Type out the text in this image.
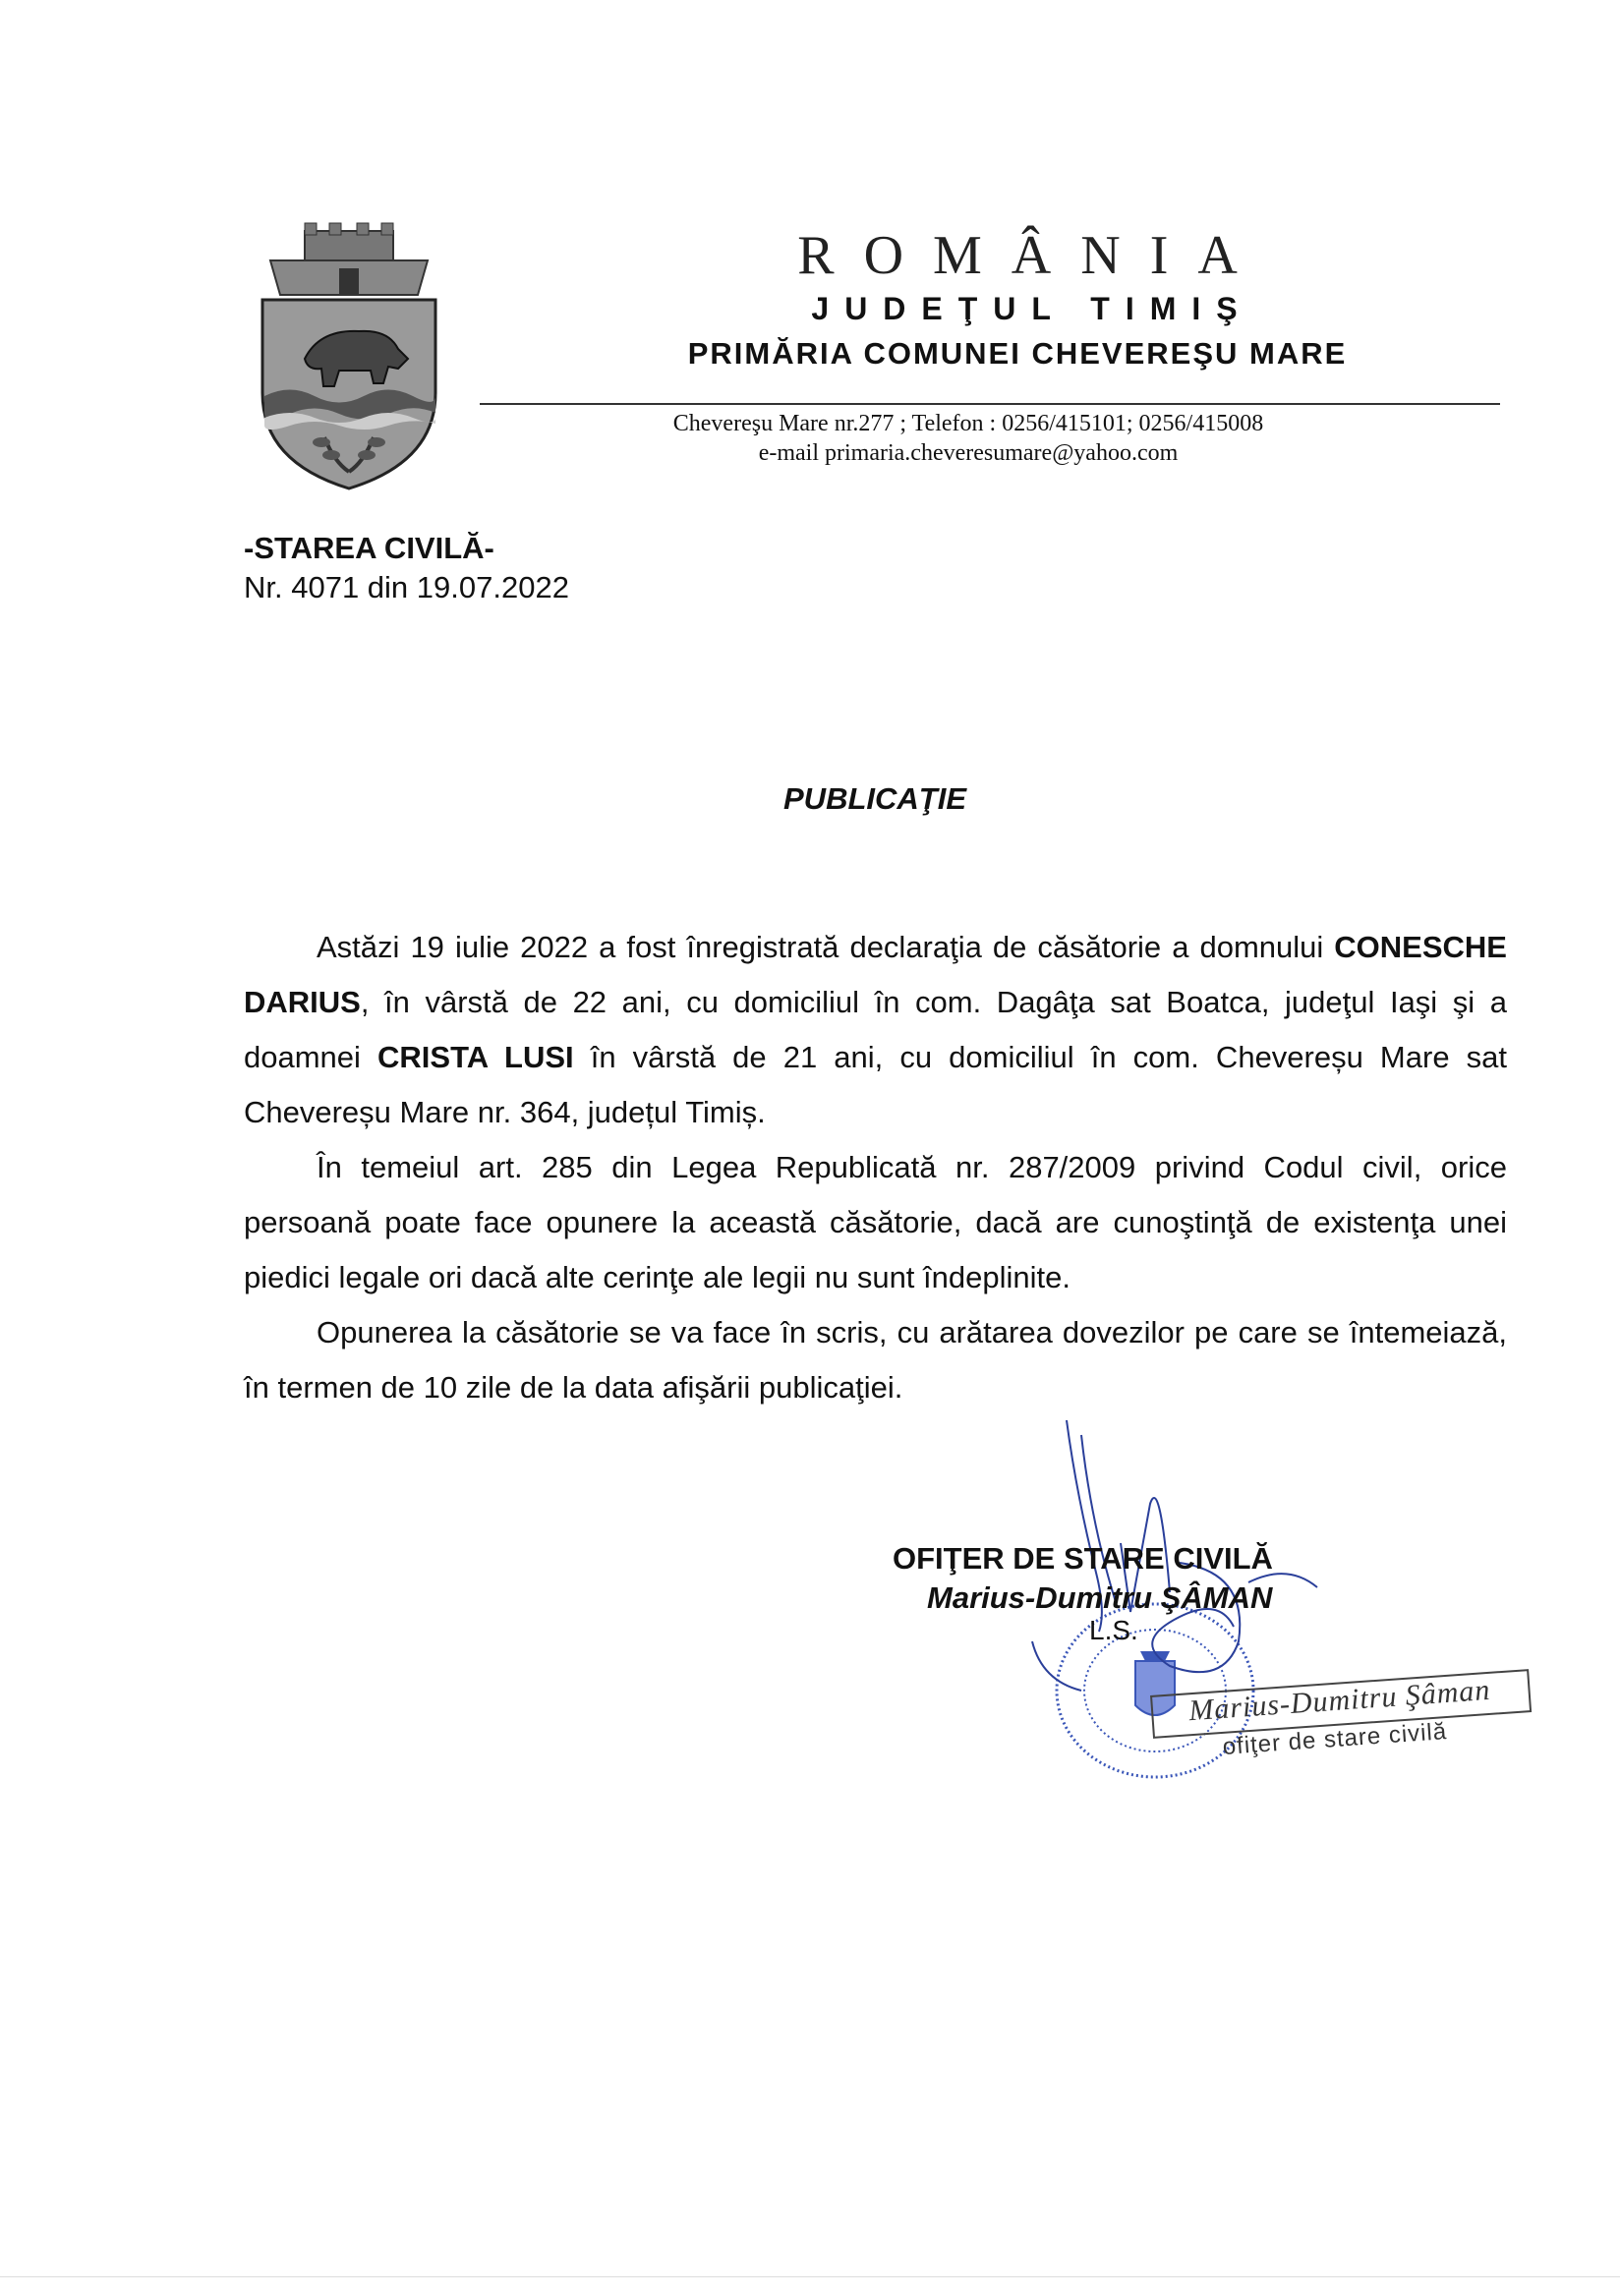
ROMÂNIA
JUDEŢUL TIMIŞ
PRIMĂRIA COMUNEI CHEVEREŞU MARE
Chevereşu Mare nr.277 ; Telefon : 0256/415101; 0256/415008
e-mail primaria.cheveresumare@yahoo.com
-STAREA CIVILĂ-
Nr. 4071 din 19.07.2022
PUBLICAŢIE

Astăzi 19 iulie 2022 a fost înregistrată declaraţia de căsătorie a domnului CONESCHE DARIUS, în vârstă de 22 ani, cu domiciliul în com. Dagâţa sat Boatca, judeţul Iaşi şi a doamnei CRISTA LUSI în vârstă de 21 ani, cu domiciliul în com. Chevereșu Mare sat Chevereșu Mare nr. 364, județul Timiș.

În temeiul art. 285 din Legea Republicată nr. 287/2009 privind Codul civil, orice persoană poate face opunere la această căsătorie, dacă are cunoştinţă de existenţa unei piedici legale ori dacă alte cerinţe ale legii nu sunt îndeplinite.

Opunerea la căsătorie se va face în scris, cu arătarea dovezilor pe care se întemeiază, în termen de 10 zile de la data afişării publicaţiei.

OFIŢER DE STARE CIVILĂ
Marius-Dumitru ŞÂMAN
L.S.
Marius-Dumitru Şâman
ofiţer de stare civilă
